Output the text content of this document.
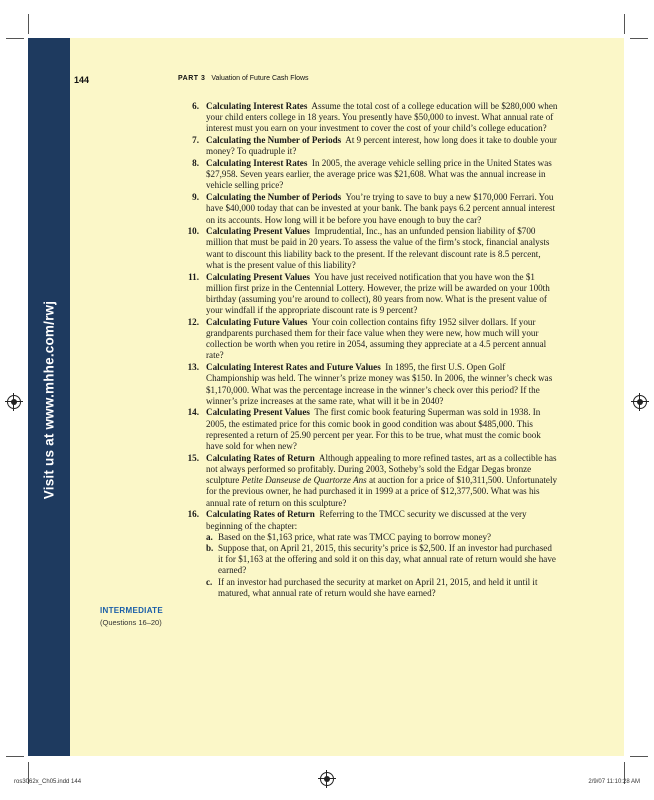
Visit us at www.mhhe.com/rwj
144	PART 3 Valuation of Future Cash Flows
INTERMEDIATE
(Questions 16–20)
6. Calculating Interest Rates Assume the total cost of a college education will be $280,000 when your child enters college in 18 years. You presently have $50,000 to invest. What annual rate of interest must you earn on your investment to cover the cost of your child’s college education?
7. Calculating the Number of Periods At 9 percent interest, how long does it take to double your money? To quadruple it?
8. Calculating Interest Rates In 2005, the average vehicle selling price in the United States was $27,958. Seven years earlier, the average price was $21,608. What was the annual increase in vehicle selling price?
9. Calculating the Number of Periods You’re trying to save to buy a new $170,000 Ferrari. You have $40,000 today that can be invested at your bank. The bank pays 6.2 percent annual interest on its accounts. How long will it be before you have enough to buy the car?
10. Calculating Present Values Imprudential, Inc., has an unfunded pension liability of $700 million that must be paid in 20 years. To assess the value of the firm’s stock, financial analysts want to discount this liability back to the present. If the relevant discount rate is 8.5 percent, what is the present value of this liability?
11. Calculating Present Values You have just received notification that you have won the $1 million first prize in the Centennial Lottery. However, the prize will be awarded on your 100th birthday (assuming you’re around to collect), 80 years from now. What is the present value of your windfall if the appropriate discount rate is 9 percent?
12. Calculating Future Values Your coin collection contains fifty 1952 silver dollars. If your grandparents purchased them for their face value when they were new, how much will your collection be worth when you retire in 2054, assuming they appreciate at a 4.5 percent annual rate?
13. Calculating Interest Rates and Future Values In 1895, the first U.S. Open Golf Championship was held. The winner’s prize money was $150. In 2006, the winner’s check was $1,170,000. What was the percentage increase in the winner’s check over this period? If the winner’s prize increases at the same rate, what will it be in 2040?
14. Calculating Present Values The first comic book featuring Superman was sold in 1938. In 2005, the estimated price for this comic book in good condition was about $485,000. This represented a return of 25.90 percent per year. For this to be true, what must the comic book have sold for when new?
15. Calculating Rates of Return Although appealing to more refined tastes, art as a collectible has not always performed so profitably. During 2003, Sotheby’s sold the Edgar Degas bronze sculpture Petite Danseuse de Quartorze Ans at auction for a price of $10,311,500. Unfortunately for the previous owner, he had purchased it in 1999 at a price of $12,377,500. What was his annual rate of return on this sculpture?
16. Calculating Rates of Return Referring to the TMCC security we discussed at the very beginning of the chapter:
a. Based on the $1,163 price, what rate was TMCC paying to borrow money?
b. Suppose that, on April 21, 2015, this security’s price is $2,500. If an investor had purchased it for $1,163 at the offering and sold it on this day, what annual rate of return would she have earned?
c. If an investor had purchased the security at market on April 21, 2015, and held it until it matured, what annual rate of return would she have earned?
ros3062x_Ch05.indd 144	2/9/07 11:10:28 AM
